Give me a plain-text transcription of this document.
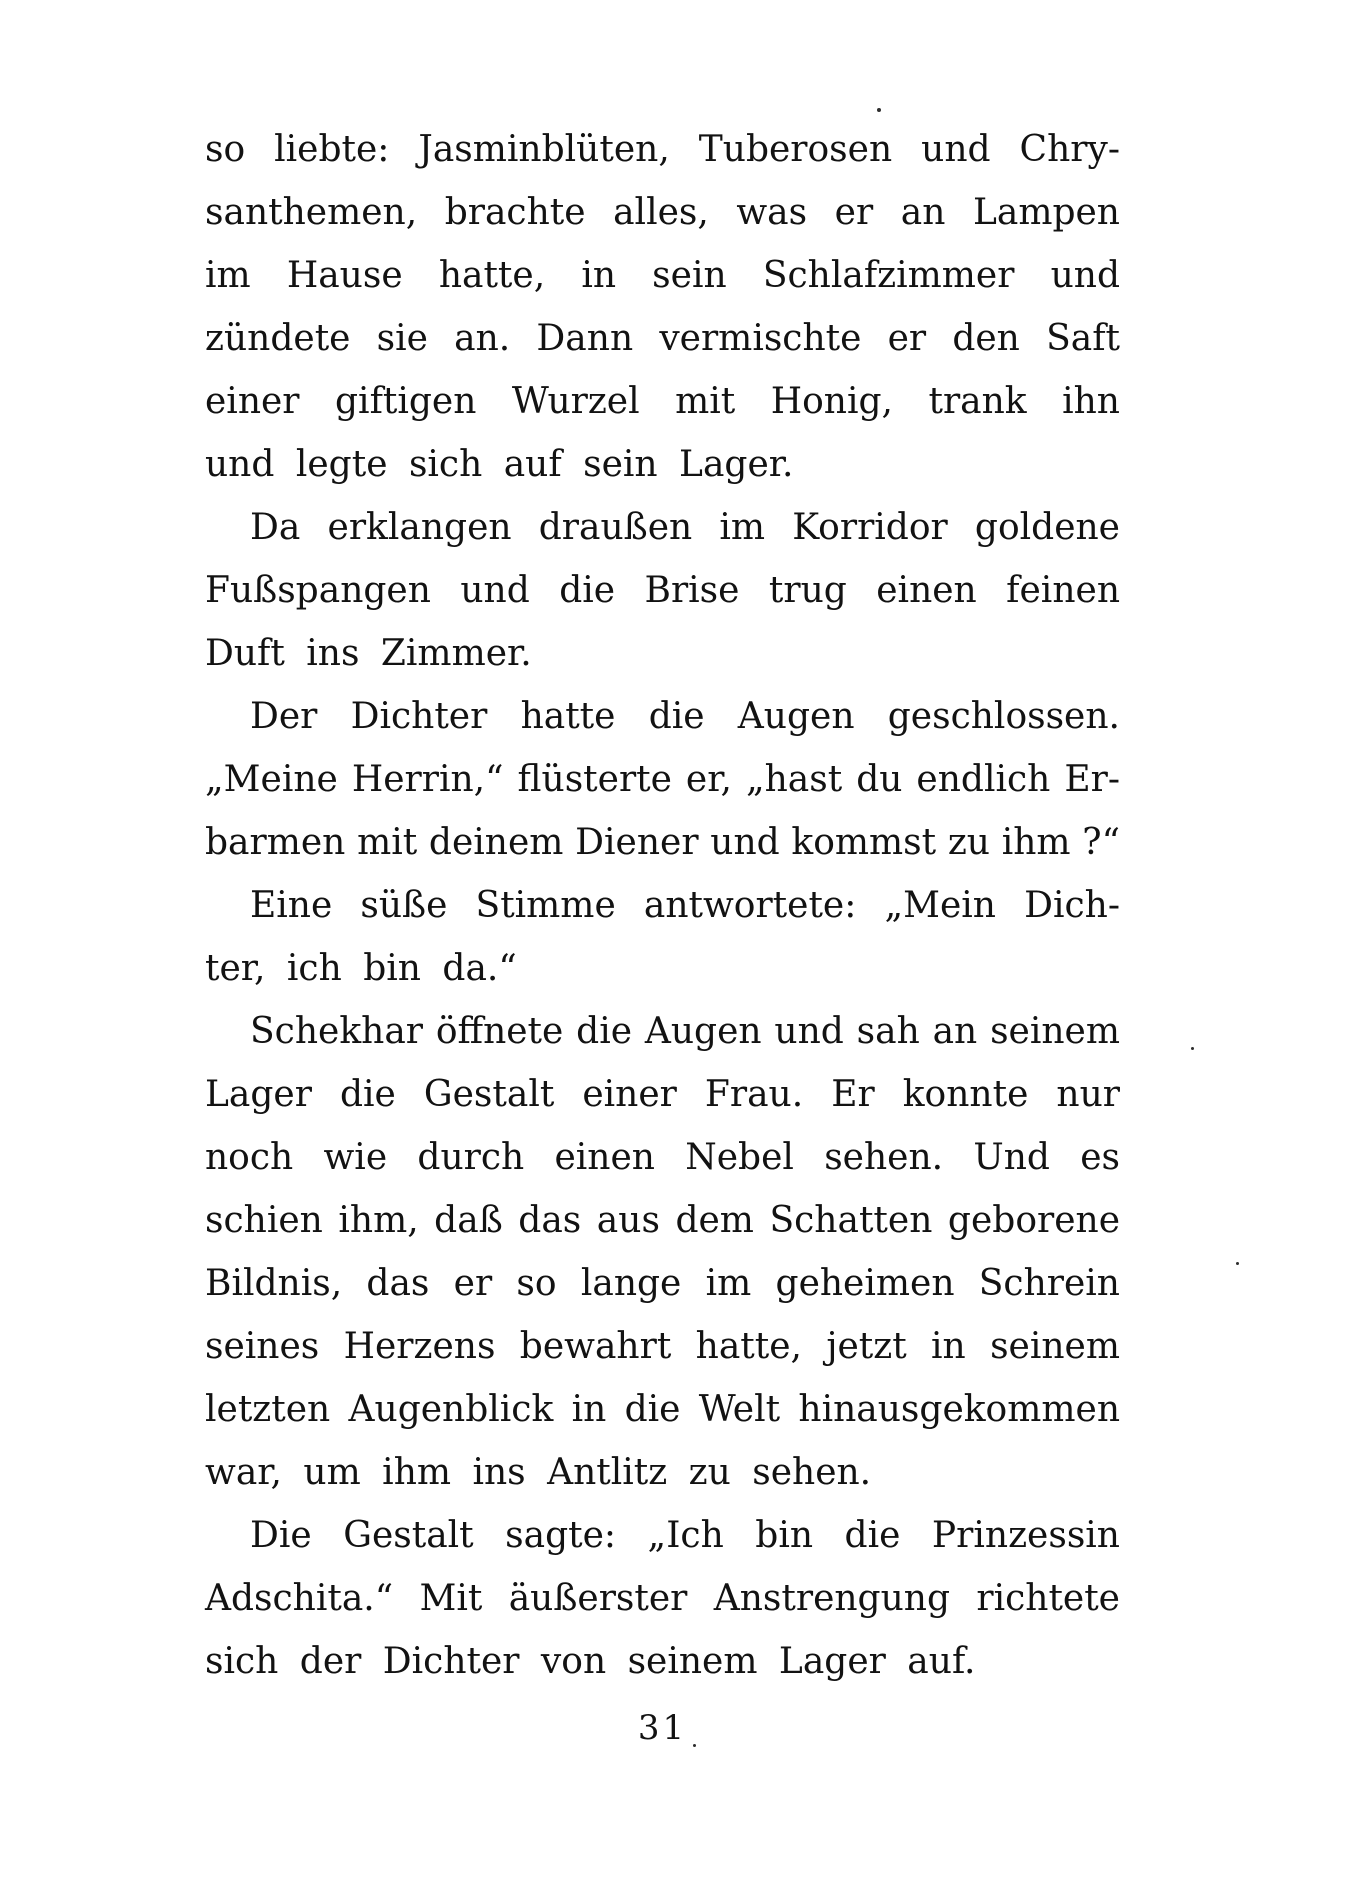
so liebte: Jasminblüten, Tuberosen und Chry-
santhemen, brachte alles, was er an Lampen
im Hause hatte, in sein Schlafzimmer und
zündete sie an. Dann vermischte er den Saft
einer giftigen Wurzel mit Honig, trank ihn
und legte sich auf sein Lager.
Da erklangen draußen im Korridor goldene
Fußspangen und die Brise trug einen feinen
Duft ins Zimmer.
Der Dichter hatte die Augen geschlossen.
„Meine Herrin,“ flüsterte er, „hast du endlich Er-
barmen mit deinem Diener und kommst zu ihm ?“
Eine süße Stimme antwortete: „Mein Dich-
ter, ich bin da.“
Schekhar öffnete die Augen und sah an seinem
Lager die Gestalt einer Frau. Er konnte nur
noch wie durch einen Nebel sehen. Und es
schien ihm, daß das aus dem Schatten geborene
Bildnis, das er so lange im geheimen Schrein
seines Herzens bewahrt hatte, jetzt in seinem
letzten Augenblick in die Welt hinausgekommen
war, um ihm ins Antlitz zu sehen.
Die Gestalt sagte: „Ich bin die Prinzessin
Adschita.“ Mit äußerster Anstrengung richtete
sich der Dichter von seinem Lager auf.
31
